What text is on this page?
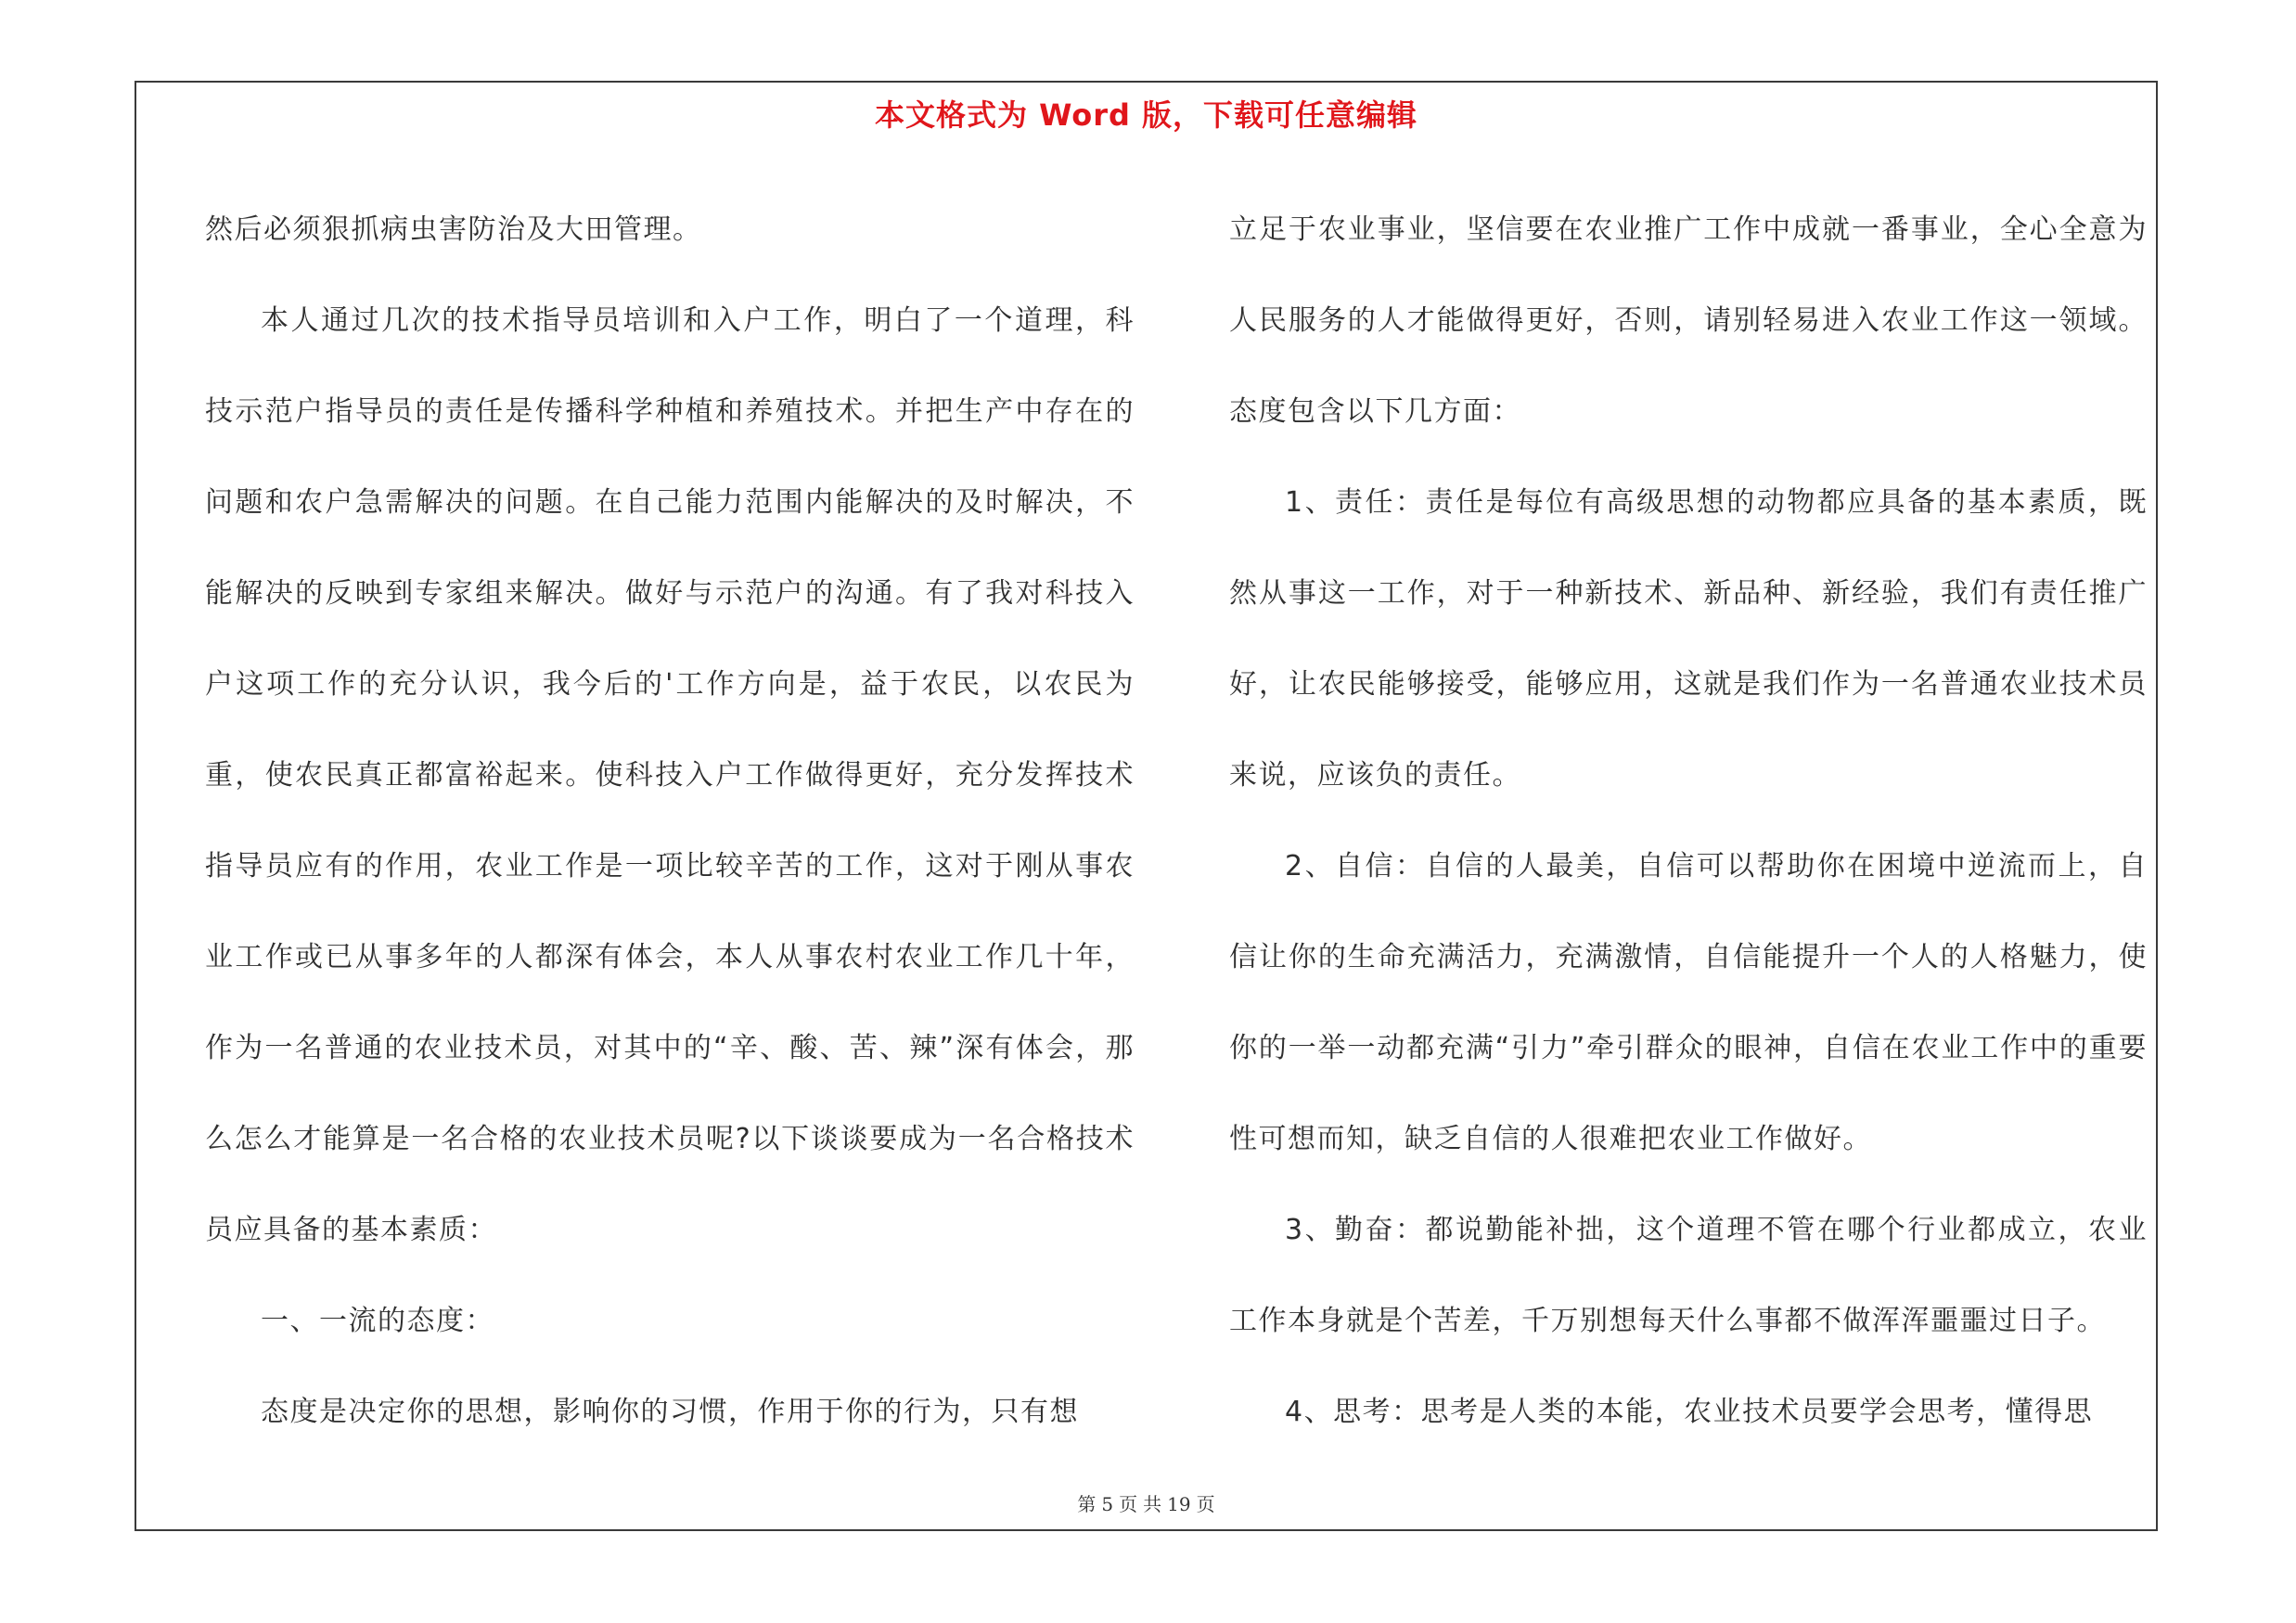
本文格式为 Word 版，下载可任意编辑

然后必须狠抓病虫害防治及大田管理。

本人通过几次的技术指导员培训和入户工作，明白了一个道理，科技示范户指导员的责任是传播科学种植和养殖技术。并把生产中存在的问题和农户急需解决的问题。在自己能力范围内能解决的及时解决，不能解决的反映到专家组来解决。做好与示范户的沟通。有了我对科技入户这项工作的充分认识，我今后的'工作方向是，益于农民，以农民为重，使农民真正都富裕起来。使科技入户工作做得更好，充分发挥技术指导员应有的作用，农业工作是一项比较辛苦的工作，这对于刚从事农业工作或已从事多年的人都深有体会，本人从事农村农业工作几十年，作为一名普通的农业技术员，对其中的“辛、酸、苦、辣”深有体会，那么怎么才能算是一名合格的农业技术员呢?以下谈谈要成为一名合格技术员应具备的基本素质：

一、一流的态度：

态度是决定你的思想，影响你的习惯，作用于你的行为，只有想

立足于农业事业，坚信要在农业推广工作中成就一番事业，全心全意为人民服务的人才能做得更好，否则，请别轻易进入农业工作这一领域。态度包含以下几方面：

1、责任：责任是每位有高级思想的动物都应具备的基本素质，既然从事这一工作，对于一种新技术、新品种、新经验，我们有责任推广好，让农民能够接受，能够应用，这就是我们作为一名普通农业技术员来说，应该负的责任。

2、自信：自信的人最美，自信可以帮助你在困境中逆流而上，自信让你的生命充满活力，充满激情，自信能提升一个人的人格魅力，使你的一举一动都充满“引力”牵引群众的眼神，自信在农业工作中的重要性可想而知，缺乏自信的人很难把农业工作做好。

3、勤奋：都说勤能补拙，这个道理不管在哪个行业都成立，农业工作本身就是个苦差，千万别想每天什么事都不做浑浑噩噩过日子。

4、思考：思考是人类的本能，农业技术员要学会思考，懂得思

第 5 页 共 19 页
